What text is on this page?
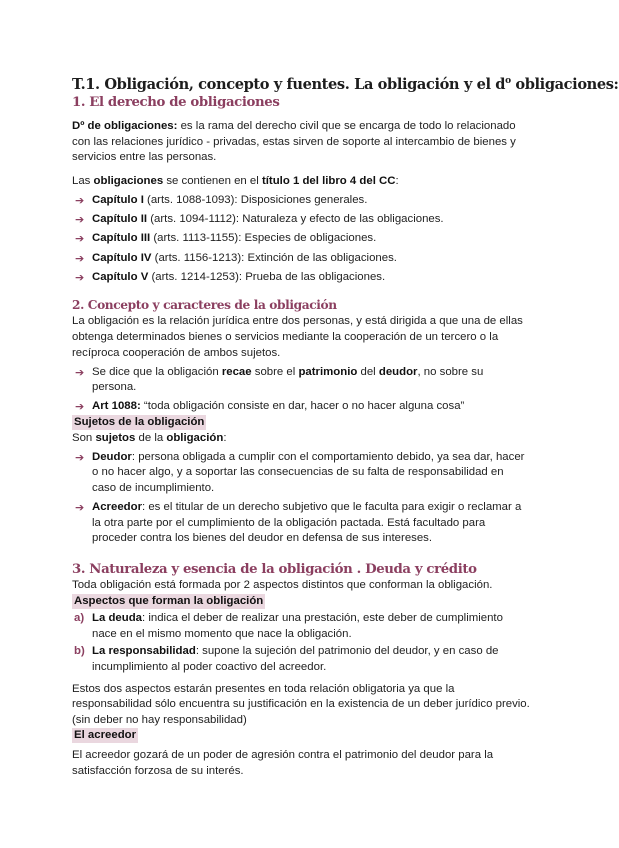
T.1. Obligación, concepto y fuentes. La obligación y el $d^o$ obligaciones:
1. El derecho de obligaciones

Dº de obligaciones: es la rama del derecho civil que se encarga de todo lo relacionado con las relaciones jurídico - privadas, estas sirven de soporte al intercambio de bienes y servicios entre las personas.

Las obligaciones se contienen en el título 1 del libro 4 del CC:

➔ Capítulo I (arts. 1088-1093): Disposiciones generales.
➔ Capítulo II (arts. 1094-1112): Naturaleza y efecto de las obligaciones.
➔ Capítulo III (arts. 1113-1155): Especies de obligaciones.
➔ Capítulo IV (arts. 1156-1213): Extinción de las obligaciones.
➔ Capítulo V (arts. 1214-1253): Prueba de las obligaciones.
2. Concepto y caracteres de la obligación

La obligación es la relación jurídica entre dos personas, y está dirigida a que una de ellas obtenga determinados bienes o servicios mediante la cooperación de un tercero o la recíproca cooperación de ambos sujetos.

➔ Se dice que la obligación recae sobre el patrimonio del deudor, no sobre su persona.
➔ Art 1088: “toda obligación consiste en dar, hacer o no hacer alguna cosa”

Sujetos de la obligación

Son sujetos de la obligación:

➔ Deudor: persona obligada a cumplir con el comportamiento debido, ya sea dar, hacer o no hacer algo, y a soportar las consecuencias de su falta de responsabilidad en caso de incumplimiento.
➔ Acreedor: es el titular de un derecho subjetivo que le faculta para exigir o reclamar a la otra parte por el cumplimiento de la obligación pactada. Está facultado para proceder contra los bienes del deudor en defensa de sus intereses.
3. Naturaleza y esencia de la obligación . Deuda y crédito

Toda obligación está formada por 2 aspectos distintos que conforman la obligación.

Aspectos que forman la obligación

a) La deuda: indica el deber de realizar una prestación, este deber de cumplimiento nace en el mismo momento que nace la obligación.
b) La responsabilidad: supone la sujeción del patrimonio del deudor, y en caso de incumplimiento al poder coactivo del acreedor.

Estos dos aspectos estarán presentes en toda relación obligatoria ya que la responsabilidad sólo encuentra su justificación en la existencia de un deber jurídico previo. (sin deber no hay responsabilidad)

El acreedor

El acreedor gozará de un poder de agresión contra el patrimonio del deudor para la satisfacción forzosa de su interés.
